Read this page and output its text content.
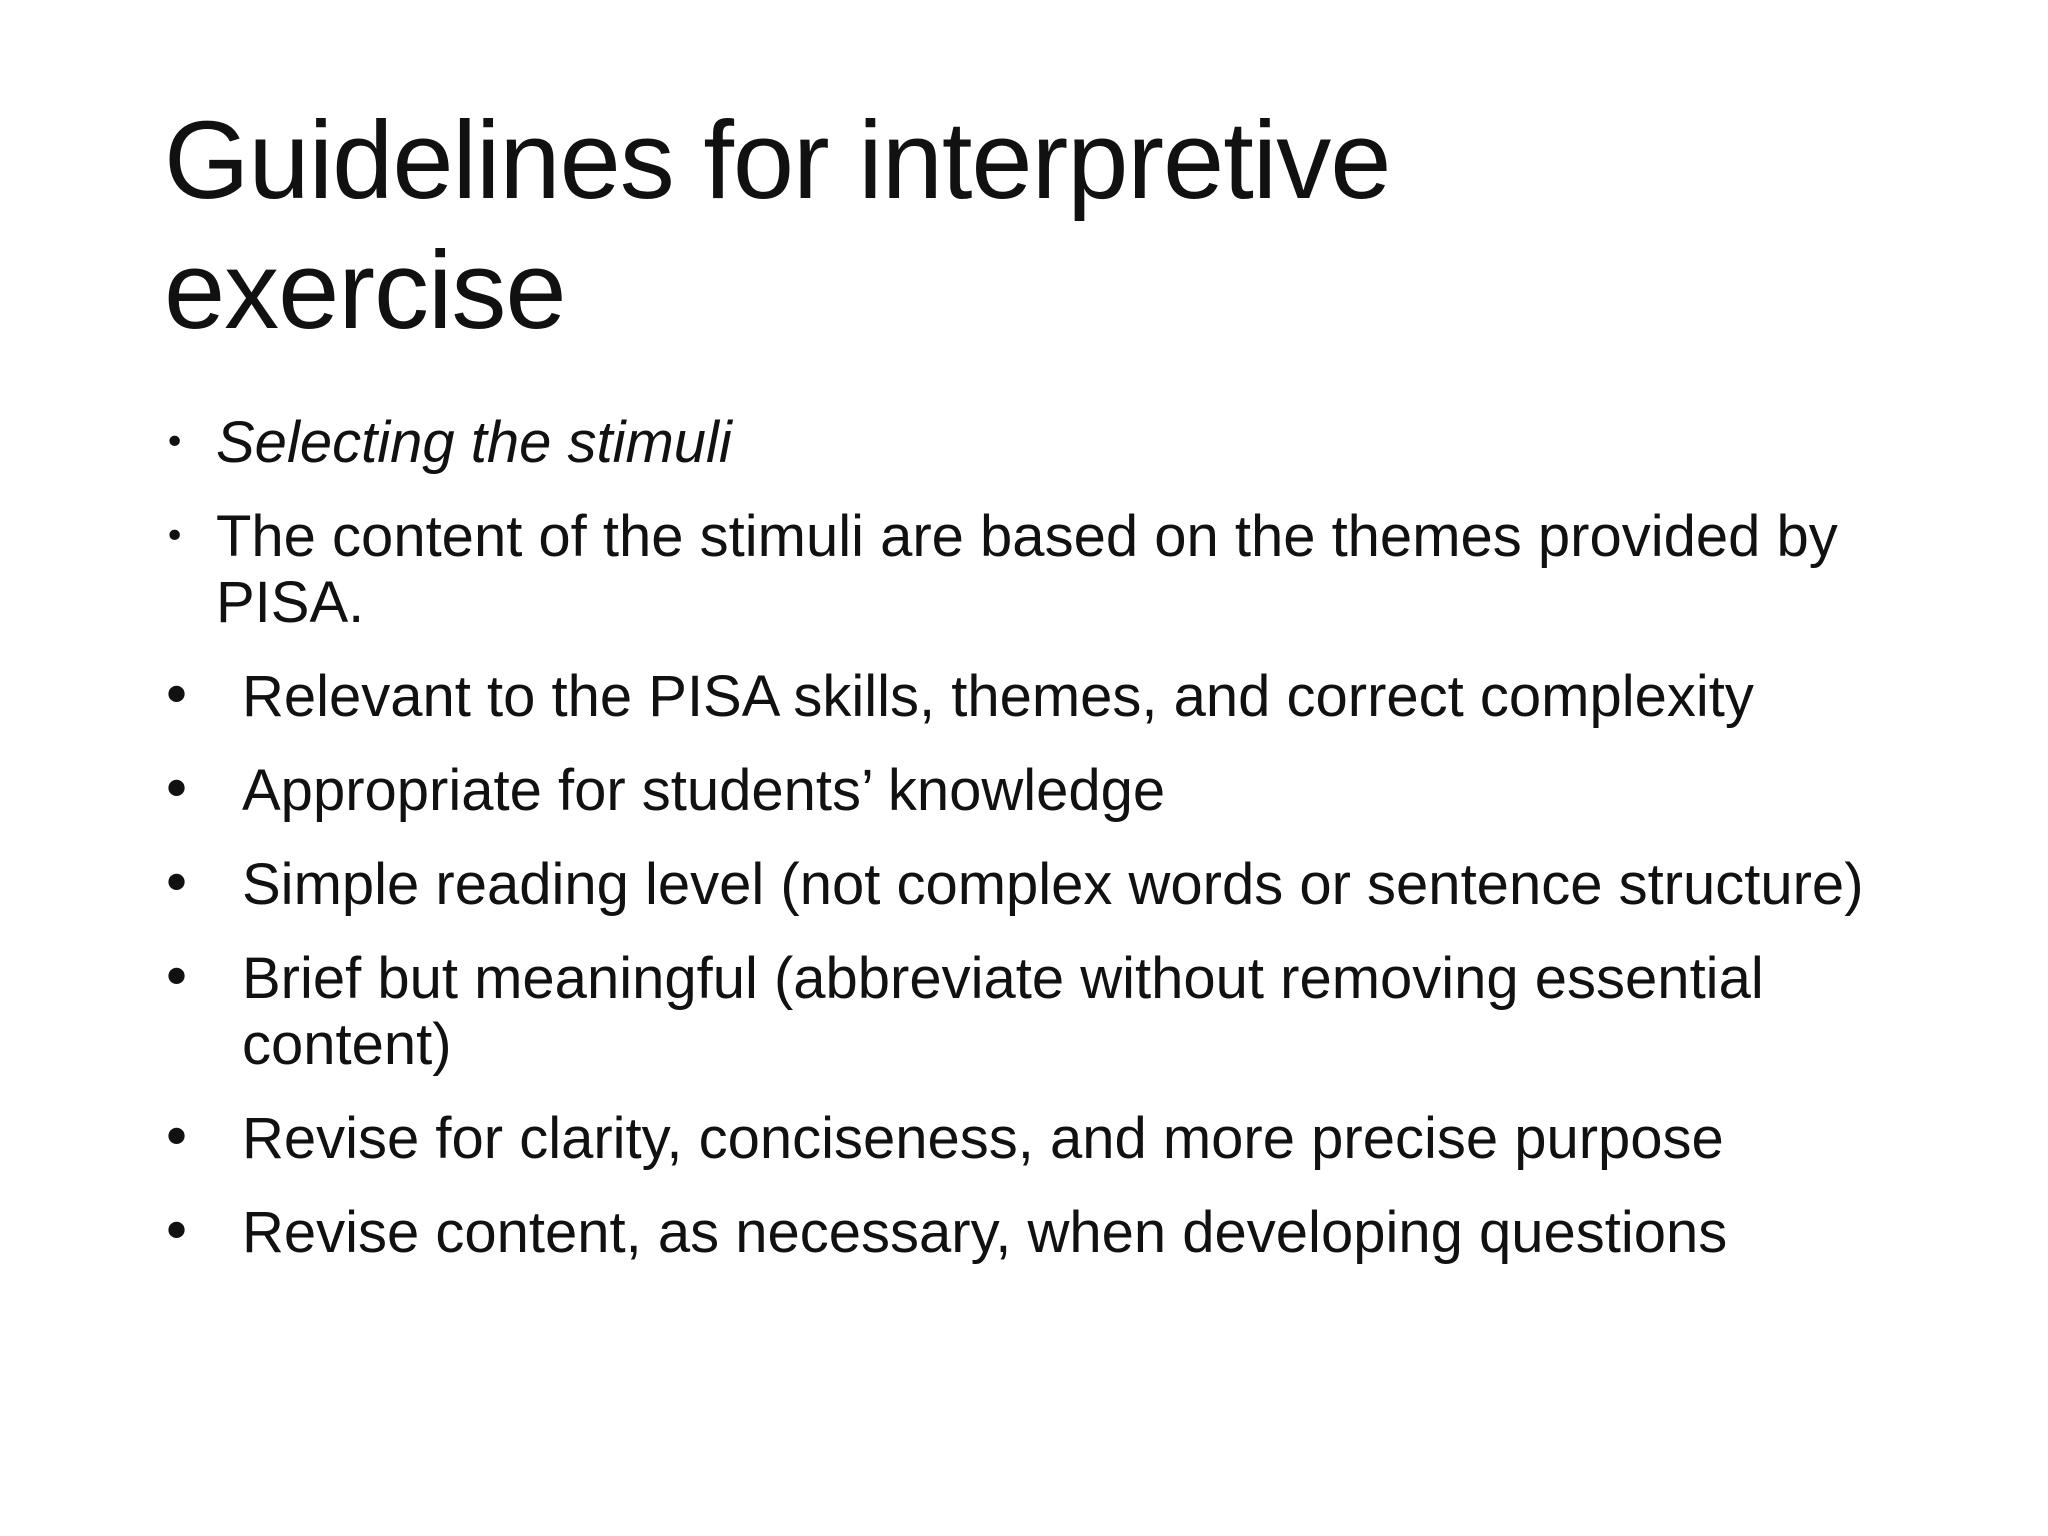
Guidelines for interpretive
exercise
• Selecting the stimuli
• The content of the stimuli are based on the themes provided by PISA.
• Relevant to the PISA skills, themes, and correct complexity
• Appropriate for students’ knowledge
• Simple reading level (not complex words or sentence structure)
• Brief but meaningful (abbreviate without removing essential content)
• Revise for clarity, conciseness, and more precise purpose
• Revise content, as necessary, when developing questions
